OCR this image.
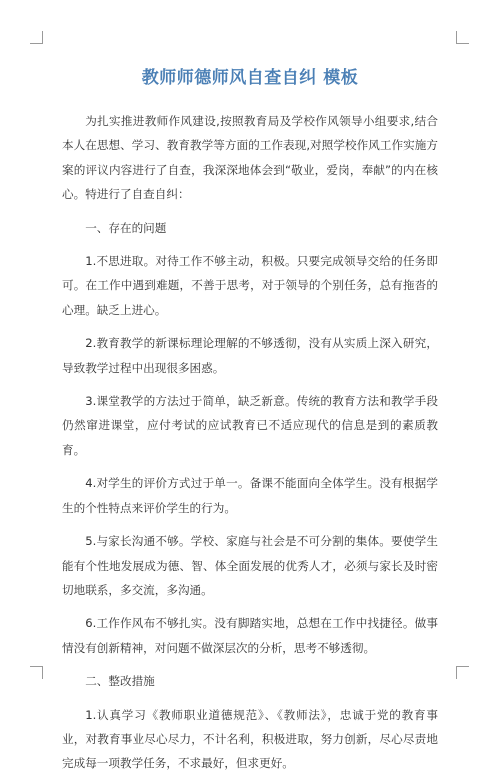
教师师德师风自查自纠 模板

为扎实推进教师作风建设,按照教育局及学校作风领导小组要求,结合本人在思想、学习、教育教学等方面的工作表现,对照学校作风工作实施方案的评议内容进行了自查，我深深地体会到“敬业，爱岗，奉献”的内在核心。特进行了自查自纠：

一、存在的问题

1.不思进取。对待工作不够主动，积极。只要完成领导交给的任务即可。在工作中遇到难题，不善于思考，对于领导的个别任务，总有拖沓的心理。缺乏上进心。

2.教育教学的新课标理论理解的不够透彻，没有从实质上深入研究，导致教学过程中出现很多困惑。

3.课堂教学的方法过于简单，缺乏新意。传统的教育方法和教学手段仍然窜进课堂，应付考试的应试教育已不适应现代的信息是到的素质教育。

4.对学生的评价方式过于单一。备课不能面向全体学生。没有根据学生的个性特点来评价学生的行为。

5.与家长沟通不够。学校、家庭与社会是不可分割的集体。要使学生能有个性地发展成为德、智、体全面发展的优秀人才，必须与家长及时密切地联系，多交流，多沟通。

6.工作作风布不够扎实。没有脚踏实地，总想在工作中找捷径。做事情没有创新精神，对问题不做深层次的分析，思考不够透彻。

二、整改措施

1.认真学习《教师职业道德规范》、《教师法》，忠诚于党的教育事业，对教育事业尽心尽力，不计名利，积极进取，努力创新，尽心尽责地完成每一项教学任务，不求最好，但求更好。
